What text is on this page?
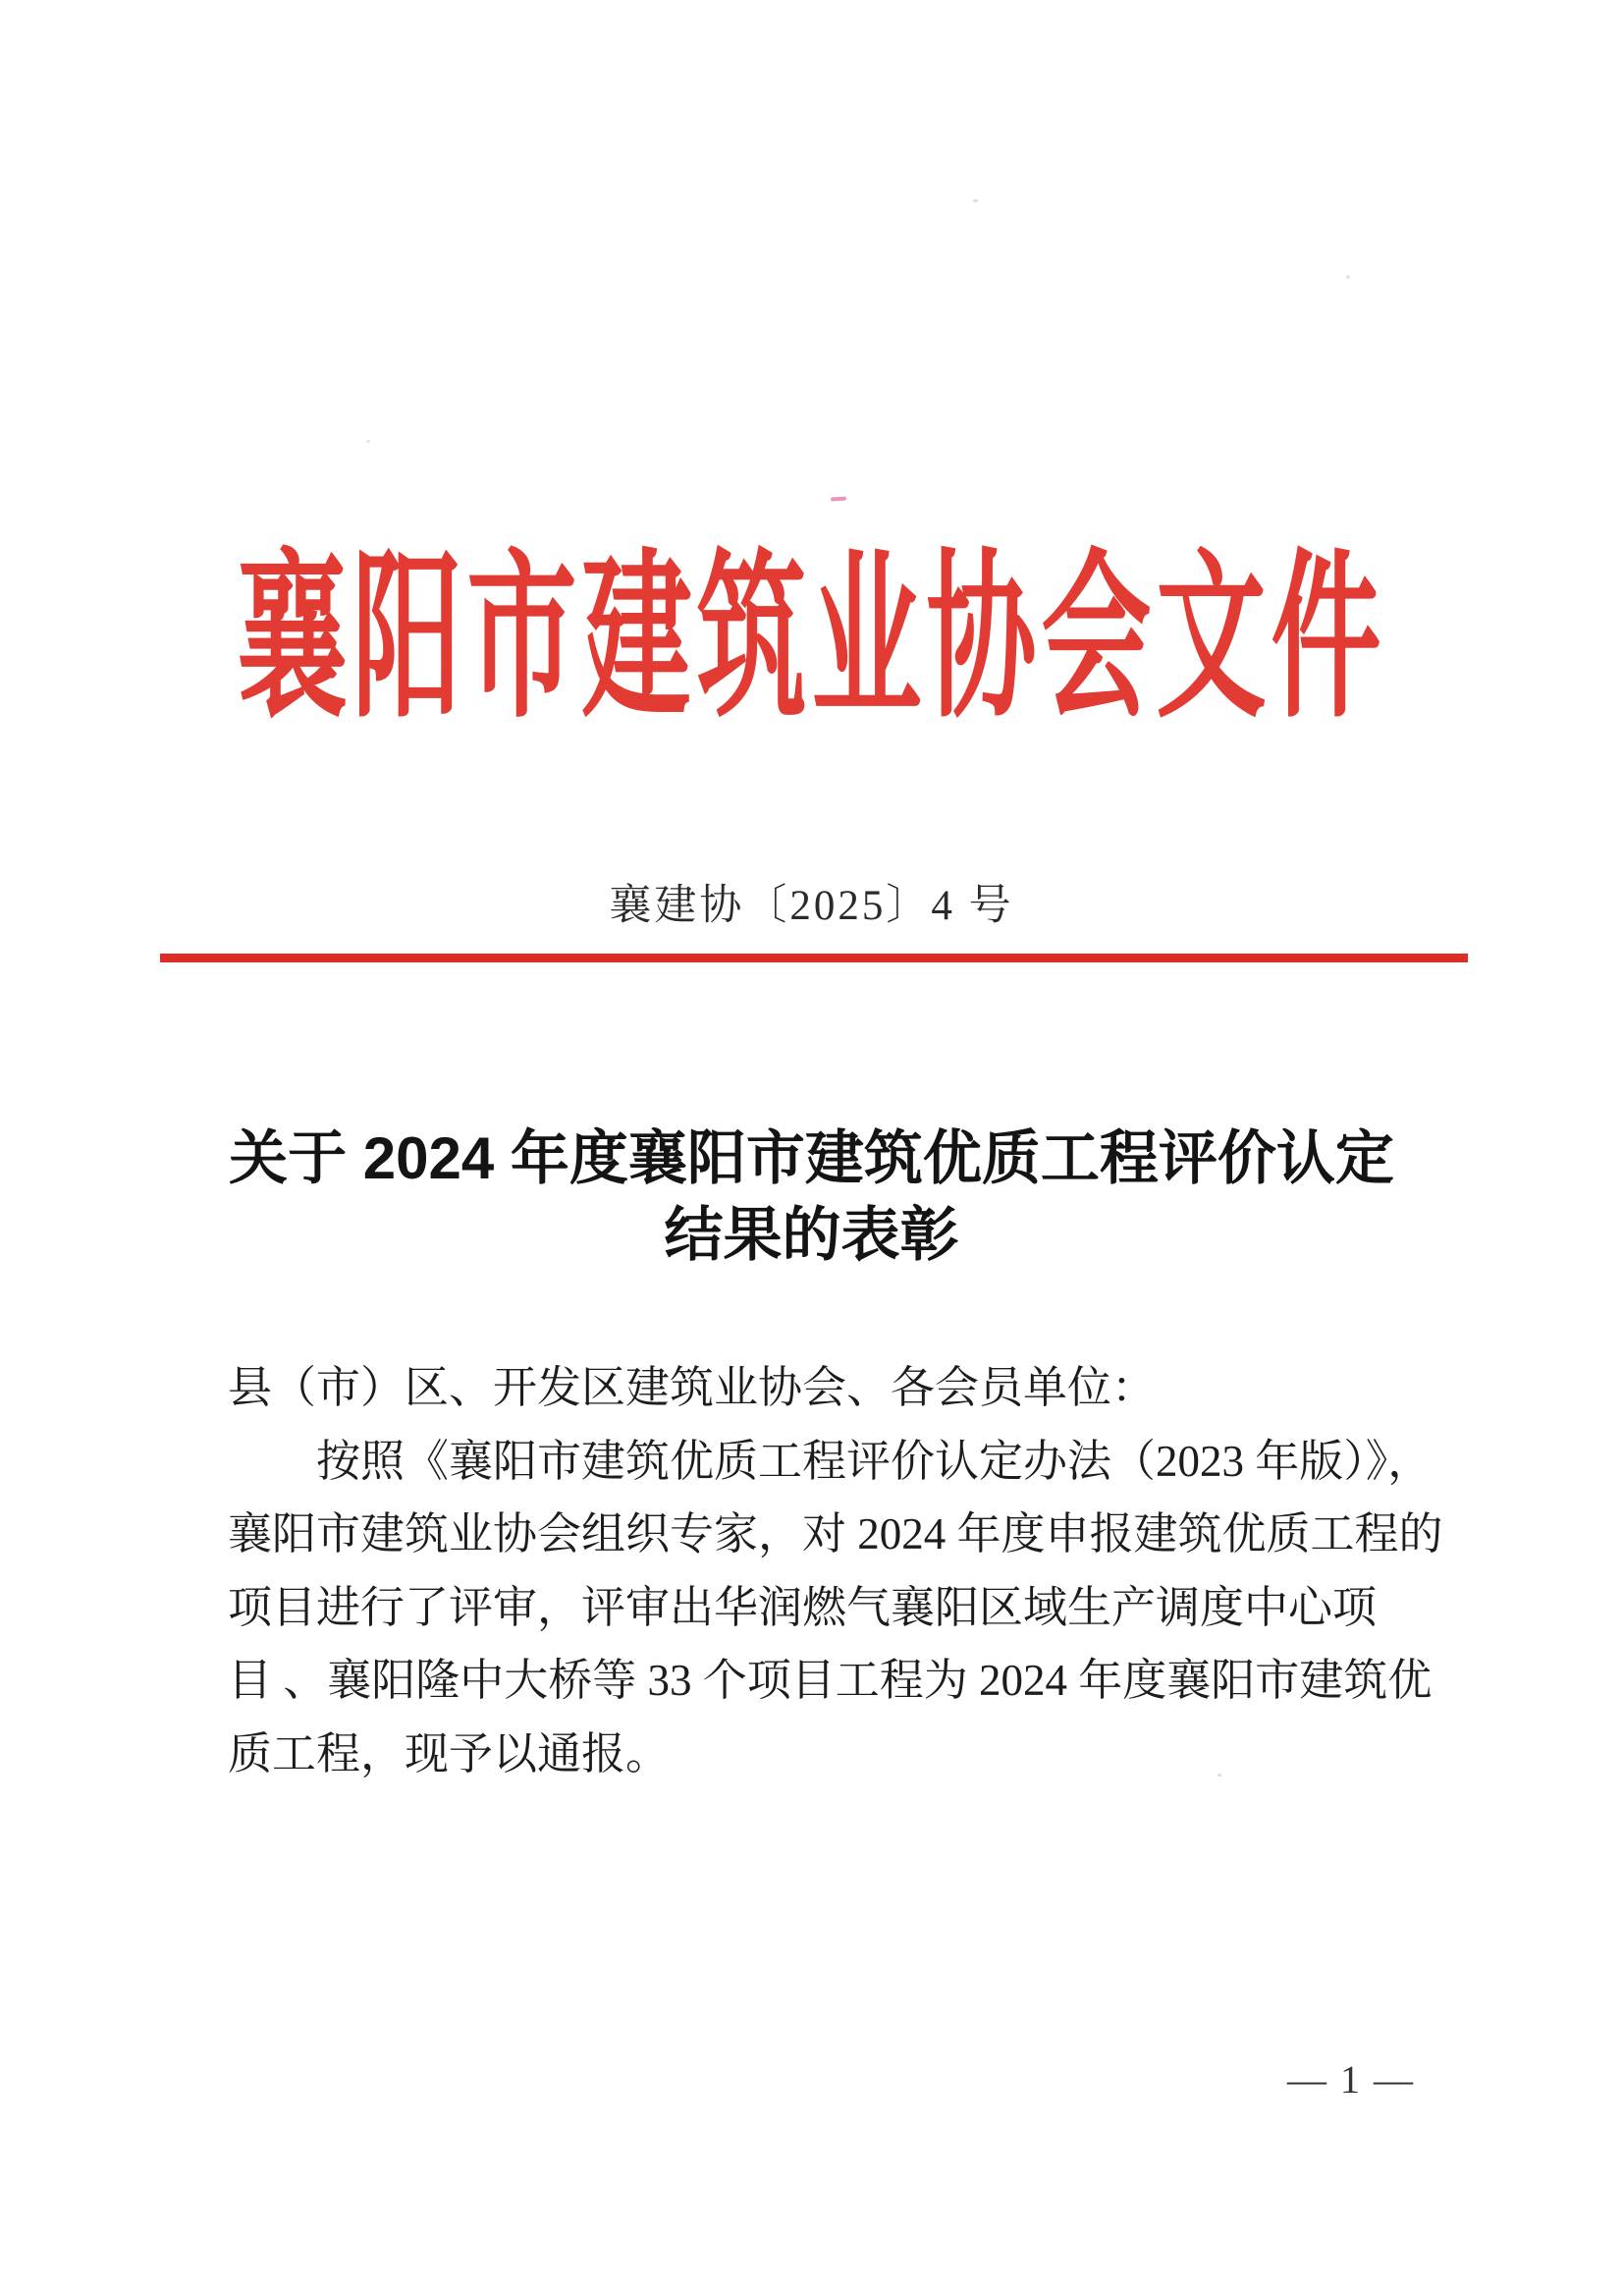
襄阳市建筑业协会文件
襄建协〔2025〕4 号
关于 2024 年度襄阳市建筑优质工程评价认定
结果的表彰
县（市）区、开发区建筑业协会、各会员单位：
　　按照《襄阳市建筑优质工程评价认定办法（2023 年版）》，
襄阳市建筑业协会组织专家，对 2024 年度申报建筑优质工程的
项目进行了评审，评审出华润燃气襄阳区域生产调度中心项
目 、襄阳隆中大桥等 33 个项目工程为 2024 年度襄阳市建筑优
质工程，现予以通报。
— 1 —
